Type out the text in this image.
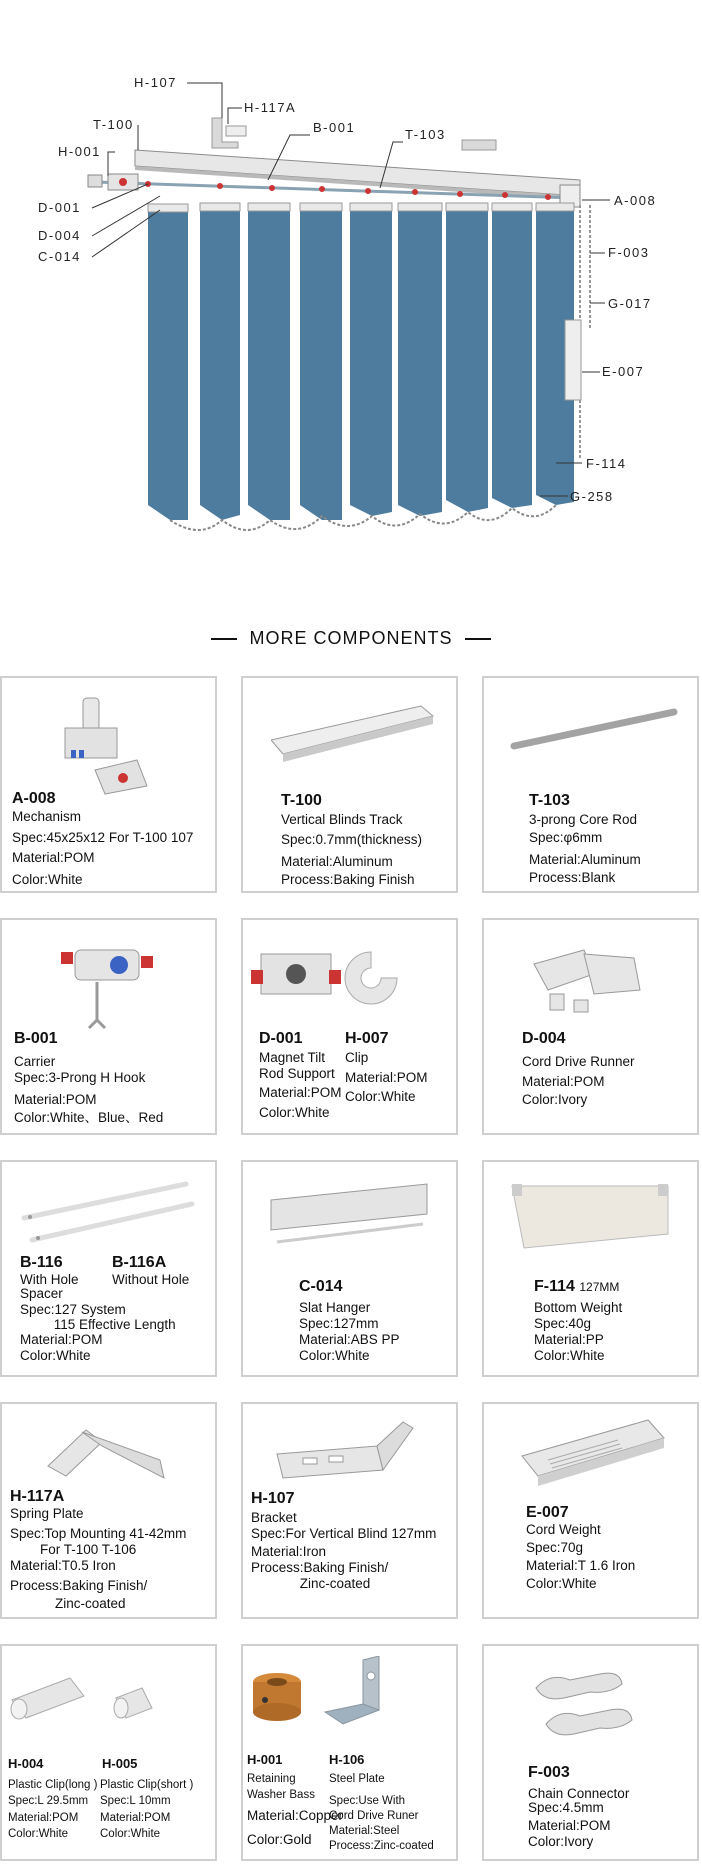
H-107
H-117A
T-100	B-001	T-103
H-001
D-001
D-004
C-014
A-008
F-003
G-017
E-007
F-114
G-258
MORE COMPONENTS
A-008
Mechanism
Spec:45x25x12 For T-100 107
Material:POM
Color:White
T-100
Vertical Blinds Track
Spec:0.7mm(thickness)
Material:Aluminum
Process:Baking Finish
T-103
3-prong Core Rod
Spec:φ6mm
Material:Aluminum
Process:Blank
B-001
Carrier
Spec:3-Prong H Hook
Material:POM
Color:White、Blue、Red
D-001
Magnet Tilt
Rod Support
Material:POM
Color:White
H-007
Clip
Material:POM
Color:White
D-004
Cord Drive Runner
Material:POM
Color:Ivory
B-116
With Hole
Spacer
B-116A
Without Hole
Spec:127 System
115 Effective Length
Material:POM
Color:White
C-014
Slat Hanger
Spec:127mm
Material:ABS PP
Color:White
F-114 127MM
Bottom Weight
Spec:40g
Material:PP
Color:White
H-117A
Spring Plate
Spec:Top Mounting 41-42mm
For T-100 T-106
Material:T0.5 Iron
Process:Baking Finish/
Zinc-coated
H-107
Bracket
Spec:For Vertical Blind 127mm
Material:Iron
Process:Baking Finish/
Zinc-coated
E-007
Cord Weight
Spec:70g
Material:T 1.6 Iron
Color:White
H-004
Plastic Clip(long )
Spec:L 29.5mm
Material:POM
Color:White
H-005
Plastic Clip(short )
Spec:L 10mm
Material:POM
Color:White
H-001
Retaining
Washer Bass
Material:Copper
Color:Gold
H-106
Steel Plate
Spec:Use With
Cord Drive Runer
Material:Steel
Process:Zinc-coated
F-003
Chain Connector
Spec:4.5mm
Material:POM
Color:Ivory
